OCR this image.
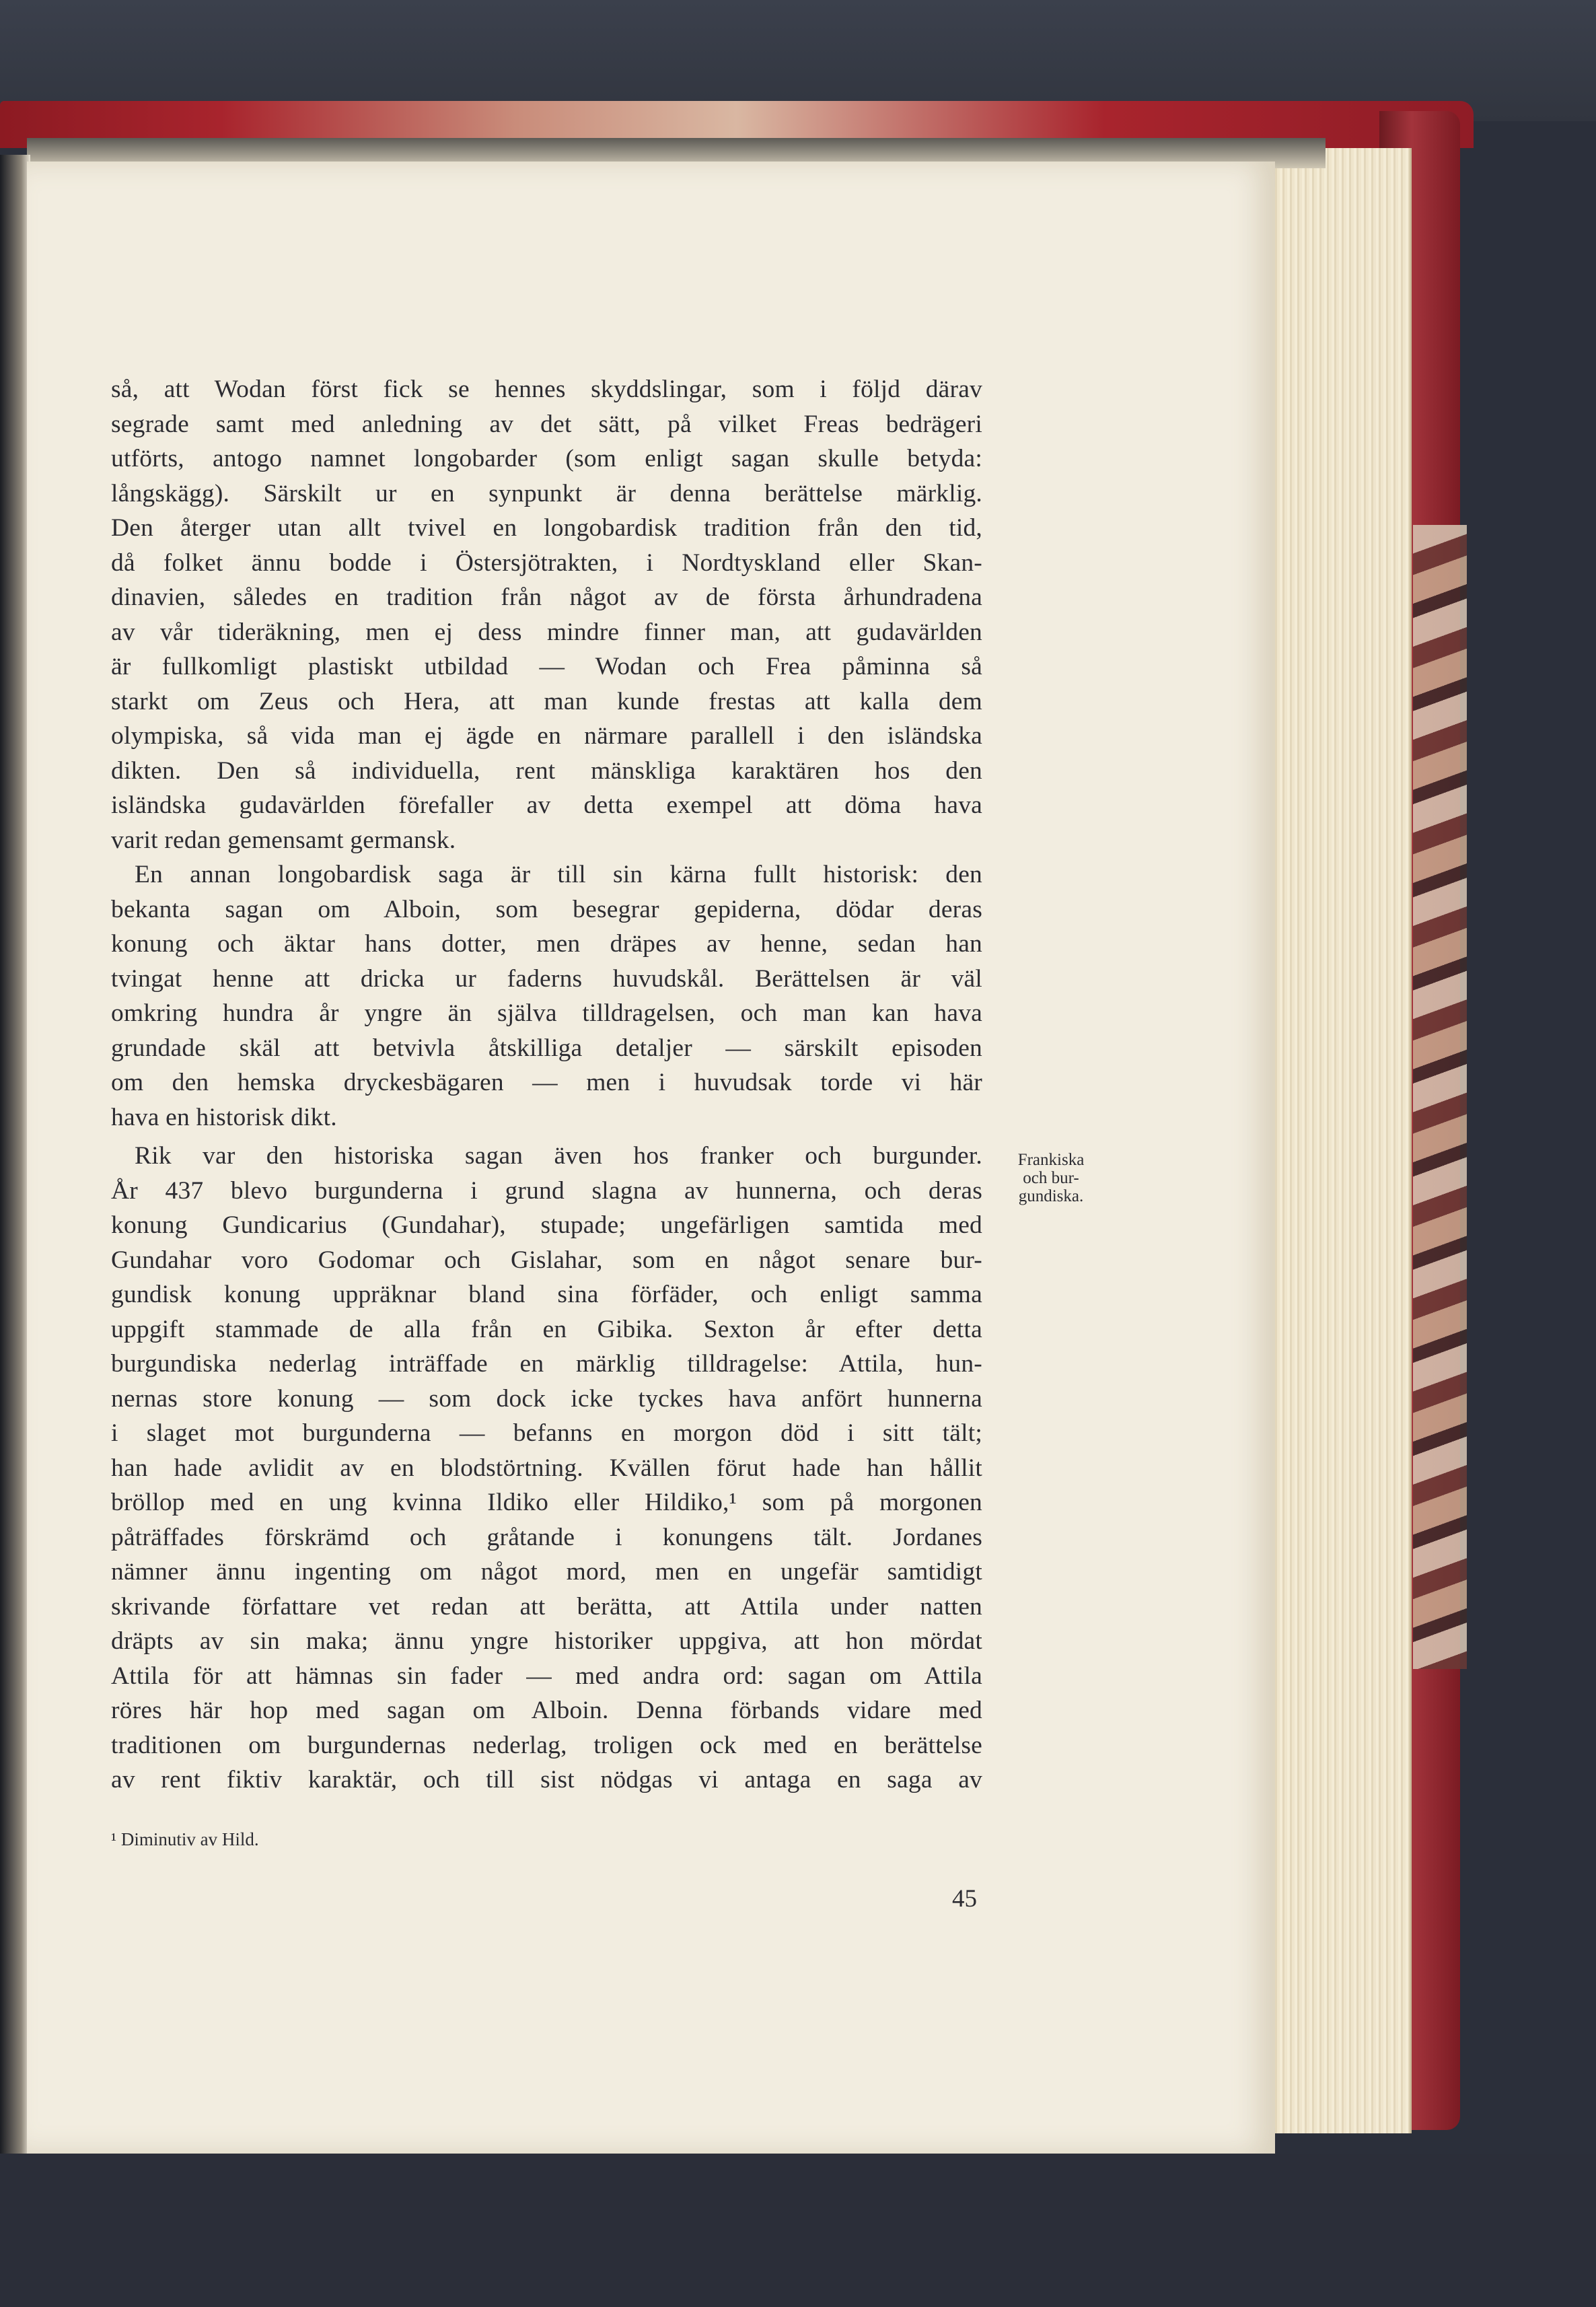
så, att Wodan först fick se hennes skyddslingar, som i följd därav
segrade samt med anledning av det sätt, på vilket Freas bedrägeri
utförts, antogo namnet longobarder (som enligt sagan skulle betyda:
långskägg). Särskilt ur en synpunkt är denna berättelse märklig.
Den återger utan allt tvivel en longobardisk tradition från den tid,
då folket ännu bodde i Östersjötrakten, i Nordtyskland eller Skan-
dinavien, således en tradition från något av de första århundradena
av vår tideräkning, men ej dess mindre finner man, att gudavärlden
är fullkomligt plastiskt utbildad — Wodan och Frea påminna så
starkt om Zeus och Hera, att man kunde frestas att kalla dem
olympiska, så vida man ej ägde en närmare parallell i den isländska
dikten. Den så individuella, rent mänskliga karaktären hos den
isländska gudavärlden förefaller av detta exempel att döma hava
varit redan gemensamt germansk.
En annan longobardisk saga är till sin kärna fullt historisk: den
bekanta sagan om Alboin, som besegrar gepiderna, dödar deras
konung och äktar hans dotter, men dräpes av henne, sedan han
tvingat henne att dricka ur faderns huvudskål. Berättelsen är väl
omkring hundra år yngre än själva tilldragelsen, och man kan hava
grundade skäl att betvivla åtskilliga detaljer — särskilt episoden
om den hemska dryckesbägaren — men i huvudsak torde vi här
hava en historisk dikt.
Rik var den historiska sagan även hos franker och burgunder.
År 437 blevo burgunderna i grund slagna av hunnerna, och deras
konung Gundicarius (Gundahar), stupade; ungefärligen samtida med
Gundahar voro Godomar och Gislahar, som en något senare bur-
gundisk konung uppräknar bland sina förfäder, och enligt samma
uppgift stammade de alla från en Gibika. Sexton år efter detta
burgundiska nederlag inträffade en märklig tilldragelse: Attila, hun-
nernas store konung — som dock icke tyckes hava anfört hunnerna
i slaget mot burgunderna — befanns en morgon död i sitt tält;
han hade avlidit av en blodstörtning. Kvällen förut hade han hållit
bröllop med en ung kvinna Ildiko eller Hildiko,¹ som på morgonen
påträffades förskrämd och gråtande i konungens tält. Jordanes
nämner ännu ingenting om något mord, men en ungefär samtidigt
skrivande författare vet redan att berätta, att Attila under natten
dräpts av sin maka; ännu yngre historiker uppgiva, att hon mördat
Attila för att hämnas sin fader — med andra ord: sagan om Attila
röres här hop med sagan om Alboin. Denna förbands vidare med
traditionen om burgundernas nederlag, troligen ock med en berättelse
av rent fiktiv karaktär, och till sist nödgas vi antaga en saga av
Frankiska
och bur-
gundiska.
¹ Diminutiv av Hild.
45
